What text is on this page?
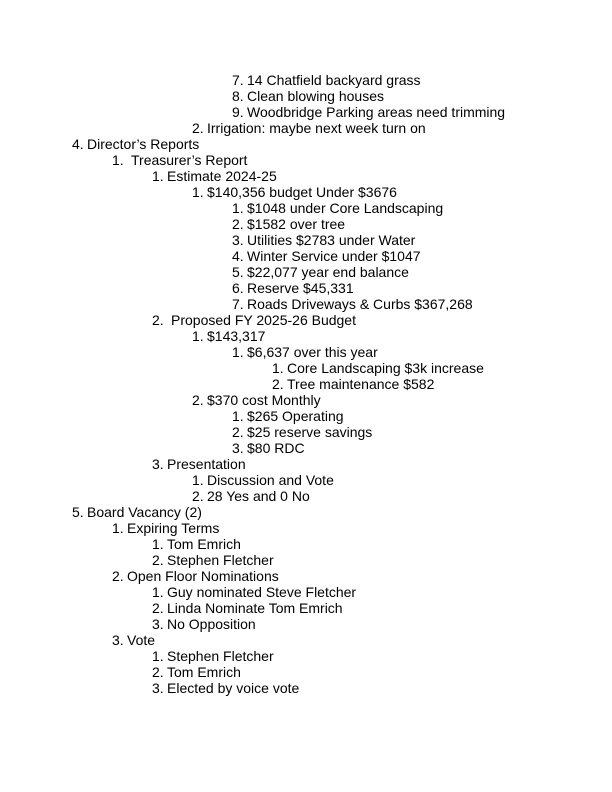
7. 14 Chatfield backyard grass
8. Clean blowing houses
9. Woodbridge Parking areas need trimming
2. Irrigation: maybe next week turn on
4. Director’s Reports
1. Treasurer’s Report
1. Estimate 2024-25
1. $140,356 budget Under $3676
1. $1048 under Core Landscaping
2. $1582 over tree
3. Utilities $2783 under Water
4. Winter Service under $1047
5. $22,077 year end balance
6. Reserve $45,331
7. Roads Driveways & Curbs $367,268
2. Proposed FY 2025-26 Budget
1. $143,317
1. $6,637 over this year
1. Core Landscaping $3k increase
2. Tree maintenance $582
2. $370 cost Monthly
1. $265 Operating
2. $25 reserve savings
3. $80 RDC
3. Presentation
1. Discussion and Vote
2. 28 Yes and 0 No
5. Board Vacancy (2)
1. Expiring Terms
1. Tom Emrich
2. Stephen Fletcher
2. Open Floor Nominations
1. Guy nominated Steve Fletcher
2. Linda Nominate Tom Emrich
3. No Opposition
3. Vote
1. Stephen Fletcher
2. Tom Emrich
3. Elected by voice vote
